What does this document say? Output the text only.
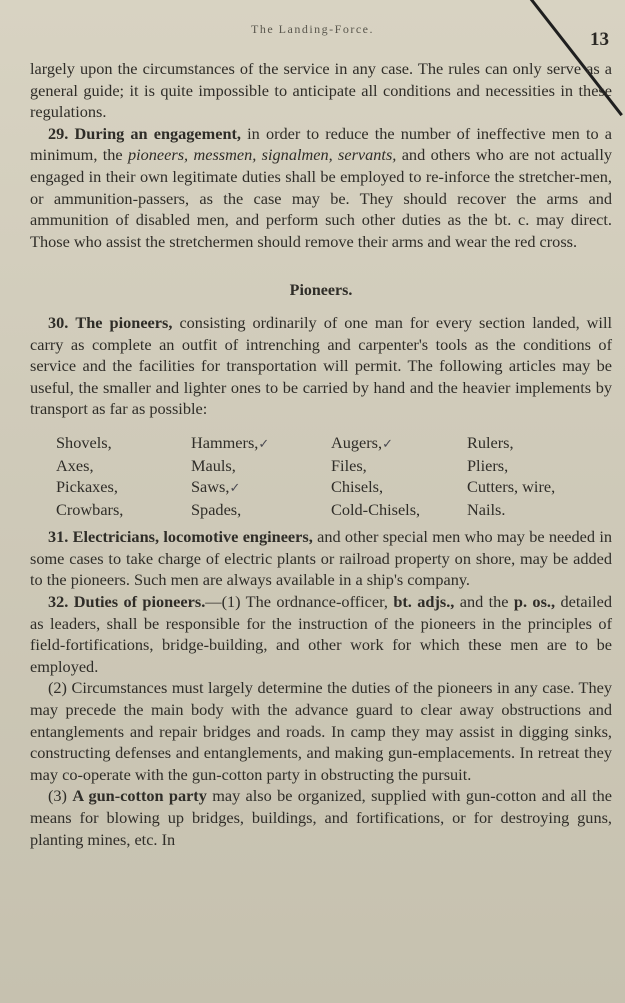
The Landing-Force.	13

largely upon the circumstances of the service in any case. The rules can only serve as a general guide; it is quite impossible to anticipate all conditions and necessities in these regulations.

29. During an engagement, in order to reduce the number of ineffective men to a minimum, the pioneers, messmen, signalmen, servants, and others who are not actually engaged in their own legitimate duties shall be employed to re-inforce the stretcher-men, or ammunition-passers, as the case may be. They should recover the arms and ammunition of disabled men, and perform such other duties as the bt. c. may direct. Those who assist the stretchermen should remove their arms and wear the red cross.

Pioneers.

30. The pioneers, consisting ordinarily of one man for every section landed, will carry as complete an outfit of intrenching and carpenter's tools as the conditions of service and the facilities for transportation will permit. The following articles may be useful, the smaller and lighter ones to be carried by hand and the heavier implements by transport as far as possible:

Shovels,	Hammers,✓	Augers,✓	Rulers,
Axes,	Mauls,	Files,	Pliers,
Pickaxes,	Saws,✓	Chisels,	Cutters, wire,
Crowbars,	Spades,	Cold-Chisels,	Nails.

31. Electricians, locomotive engineers, and other special men who may be needed in some cases to take charge of electric plants or railroad property on shore, may be added to the pioneers. Such men are always available in a ship's company.

32. Duties of pioneers.—(1) The ordnance-officer, bt. adjs., and the p. os., detailed as leaders, shall be responsible for the instruction of the pioneers in the principles of field-fortifications, bridge-building, and other work for which these men are to be employed.

(2) Circumstances must largely determine the duties of the pioneers in any case. They may precede the main body with the advance guard to clear away obstructions and entanglements and repair bridges and roads. In camp they may assist in digging sinks, constructing defenses and entanglements, and making gun-emplacements. In retreat they may co-operate with the gun-cotton party in obstructing the pursuit.

(3) A gun-cotton party may also be organized, supplied with gun-cotton and all the means for blowing up bridges, buildings, and fortifications, or for destroying guns, planting mines, etc. In
